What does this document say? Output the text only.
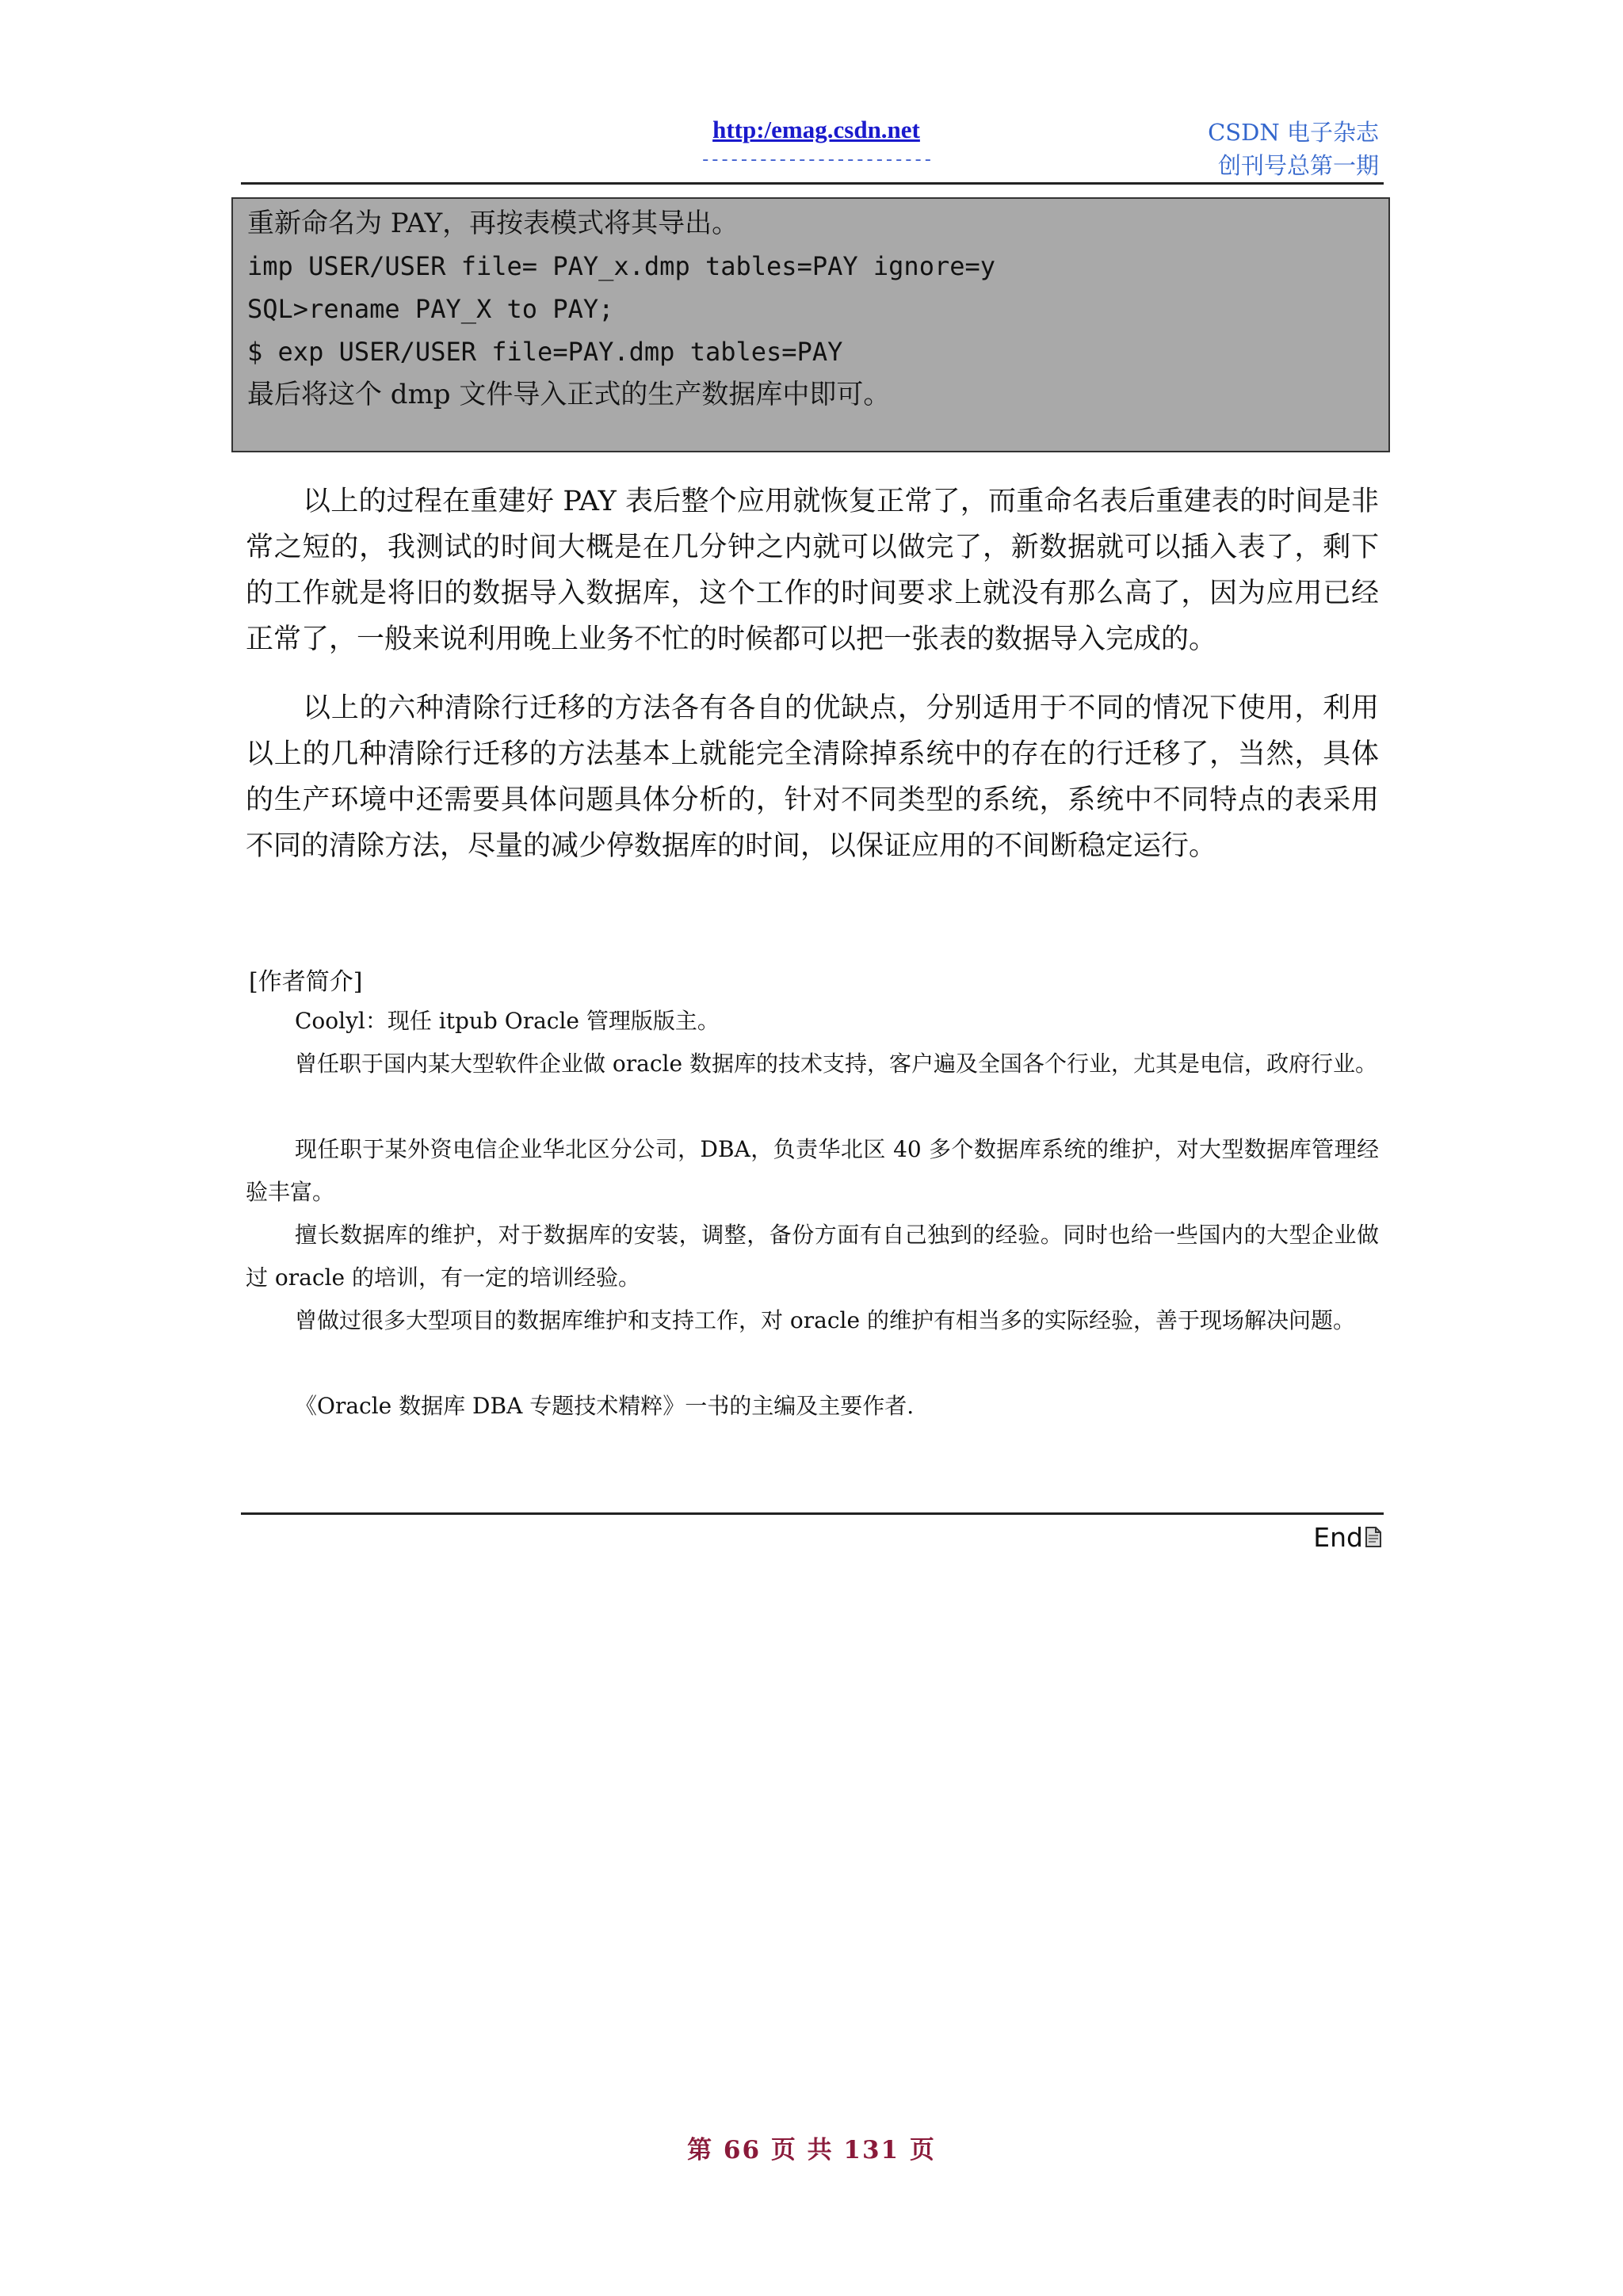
http:/emag.csdn.net
------------------------
CSDN 电子杂志
创刊号总第一期
重新命名为 PAY，再按表模式将其导出。
imp USER/USER file= PAY_x.dmp tables=PAY ignore=y
SQL>rename PAY_X to PAY;
$ exp USER/USER file=PAY.dmp tables=PAY
最后将这个 dmp 文件导入正式的生产数据库中即可。

以上的过程在重建好 PAY 表后整个应用就恢复正常了，而重命名表后重建表的时间是非常之短的，我测试的时间大概是在几分钟之内就可以做完了，新数据就可以插入表了，剩下的工作就是将旧的数据导入数据库，这个工作的时间要求上就没有那么高了，因为应用已经正常了，一般来说利用晚上业务不忙的时候都可以把一张表的数据导入完成的。

以上的六种清除行迁移的方法各有各自的优缺点，分别适用于不同的情况下使用，利用以上的几种清除行迁移的方法基本上就能完全清除掉系统中的存在的行迁移了，当然，具体的生产环境中还需要具体问题具体分析的，针对不同类型的系统，系统中不同特点的表采用不同的清除方法，尽量的减少停数据库的时间，以保证应用的不间断稳定运行。

[作者简介]

Coolyl：现任 itpub Oracle 管理版版主。

曾任职于国内某大型软件企业做 oracle 数据库的技术支持，客户遍及全国各个行业，尤其是电信，政府行业。

现任职于某外资电信企业华北区分公司，DBA，负责华北区 40 多个数据库系统的维护，对大型数据库管理经验丰富。

擅长数据库的维护，对于数据库的安装，调整，备份方面有自己独到的经验。同时也给一些国内的大型企业做过 oracle 的培训，有一定的培训经验。

曾做过很多大型项目的数据库维护和支持工作，对 oracle 的维护有相当多的实际经验，善于现场解决问题。

《Oracle 数据库 DBA 专题技术精粹》一书的主编及主要作者.

End
第 66 页 共 131 页
